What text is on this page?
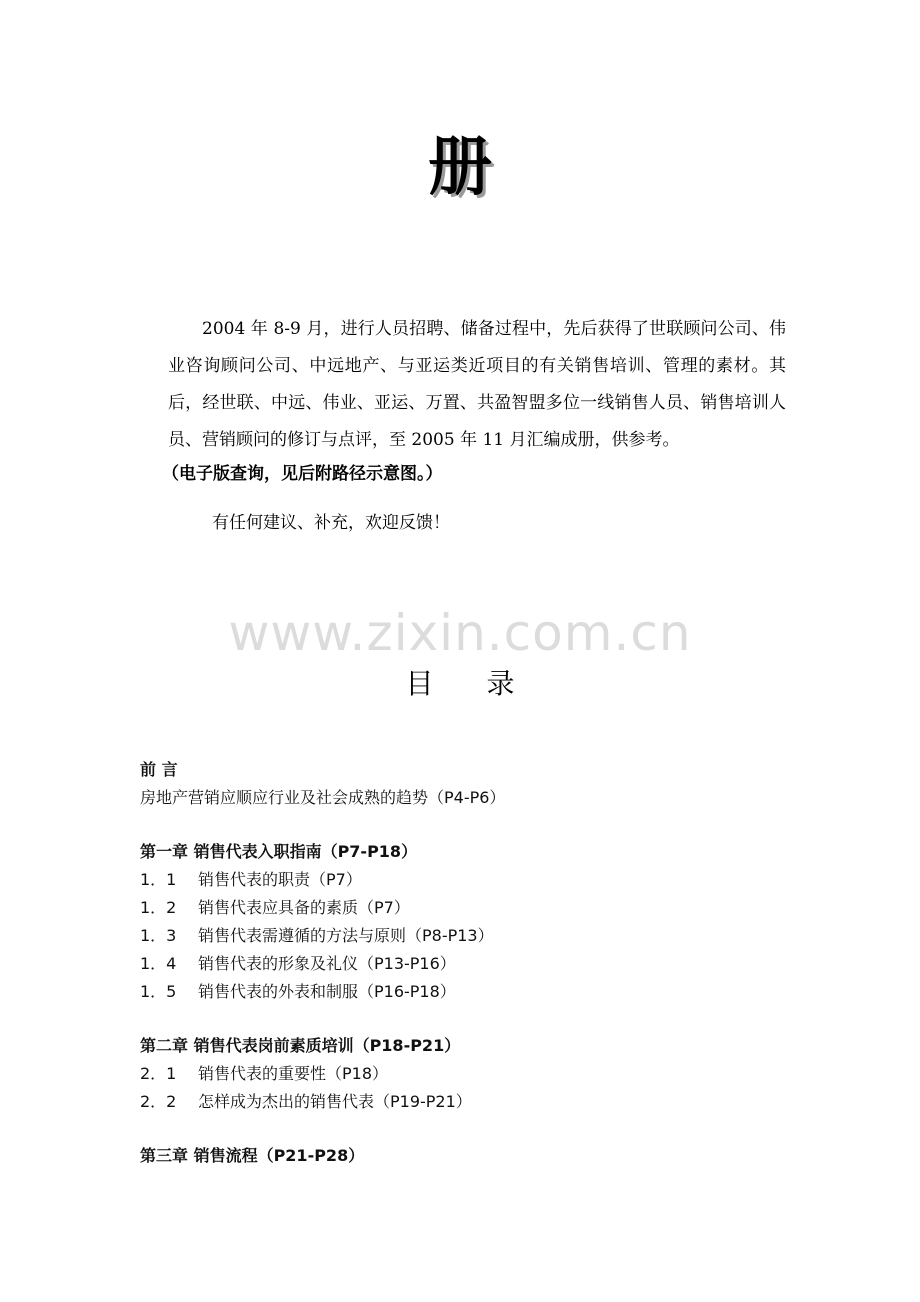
册

2004 年 8-9 月，进行人员招聘、储备过程中，先后获得了世联顾问公司、伟业咨询顾问公司、中远地产、与亚运类近项目的有关销售培训、管理的素材。其后，经世联、中远、伟业、亚运、万置、共盈智盟多位一线销售人员、销售培训人员、营销顾问的修订与点评，至 2005 年 11 月汇编成册，供参考。

（电子版查询，见后附路径示意图。）
有任何建议、补充，欢迎反馈！
www.zixin.com.cn
目 录
前 言
房地产营销应顺应行业及社会成熟的趋势（P4-P6）
第一章 销售代表入职指南（P7-P18）
1．1 销售代表的职责（P7）
1．2 销售代表应具备的素质（P7）
1．3 销售代表需遵循的方法与原则（P8-P13）
1．4 销售代表的形象及礼仪（P13-P16）
1．5 销售代表的外表和制服（P16-P18）
第二章 销售代表岗前素质培训（P18-P21）
2．1 销售代表的重要性（P18）
2．2 怎样成为杰出的销售代表（P19-P21）
第三章 销售流程（P21-P28）
